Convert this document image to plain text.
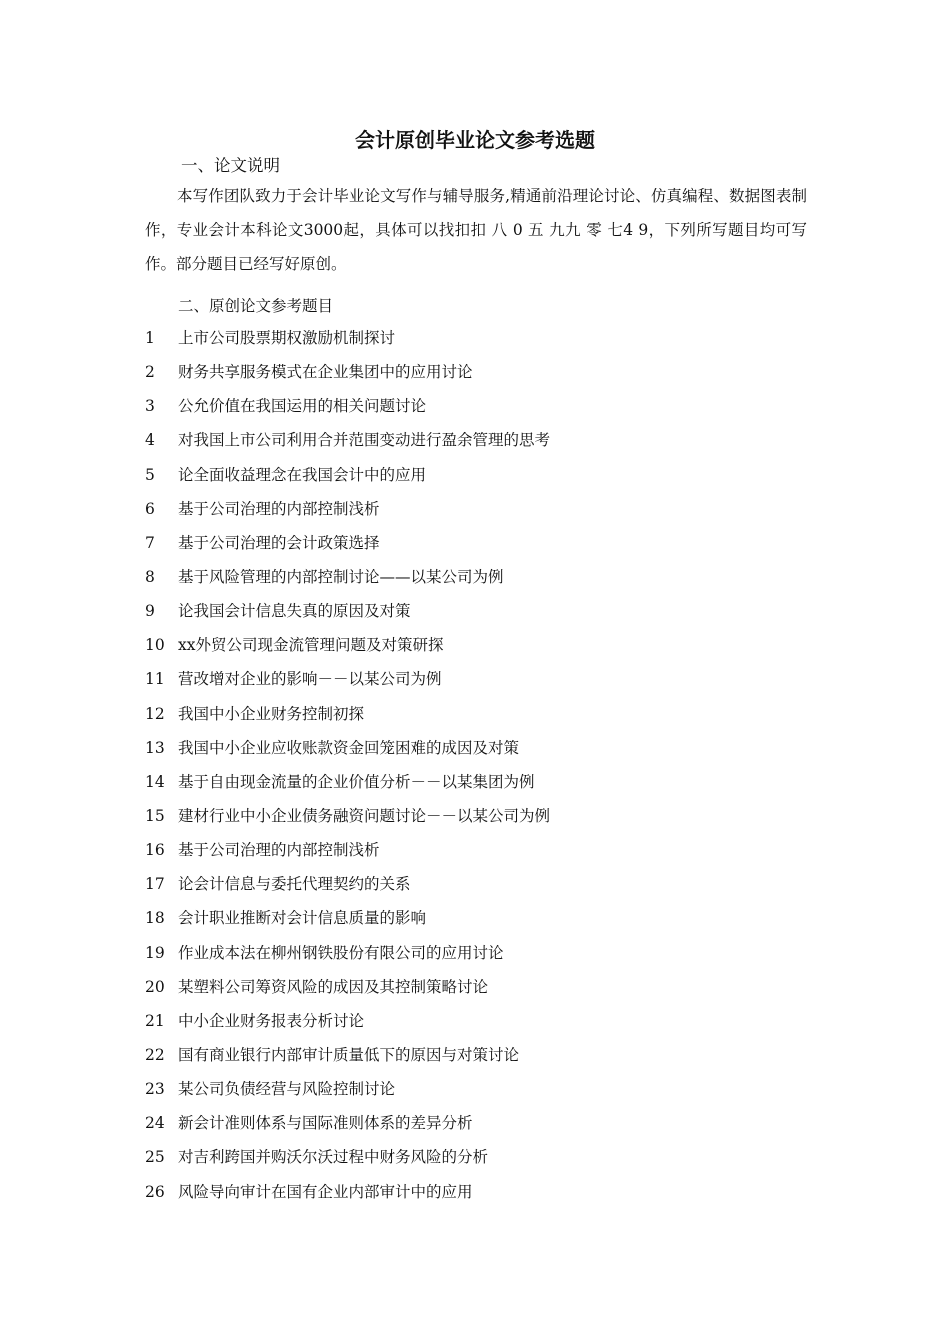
会计原创毕业论文参考选题
一、论文说明
本写作团队致力于会计毕业论文写作与辅导服务,精通前沿理论讨论、仿真编程、数据图表制作，专业会计本科论文3000起，具体可以找扣扣 八 0 五 九九 零 七4 9，下列所写题目均可写作。部分题目已经写好原创。
二、原创论文参考题目
1 上市公司股票期权激励机制探讨
2 财务共享服务模式在企业集团中的应用讨论
3 公允价值在我国运用的相关问题讨论
4 对我国上市公司利用合并范围变动进行盈余管理的思考
5 论全面收益理念在我国会计中的应用
6 基于公司治理的内部控制浅析
7 基于公司治理的会计政策选择
8 基于风险管理的内部控制讨论——以某公司为例
9 论我国会计信息失真的原因及对策
10 xx外贸公司现金流管理问题及对策研探
11 营改增对企业的影响－－以某公司为例
12 我国中小企业财务控制初探
13 我国中小企业应收账款资金回笼困难的成因及对策
14 基于自由现金流量的企业价值分析－－以某集团为例
15 建材行业中小企业债务融资问题讨论－－以某公司为例
16 基于公司治理的内部控制浅析
17 论会计信息与委托代理契约的关系
18 会计职业推断对会计信息质量的影响
19 作业成本法在柳州钢铁股份有限公司的应用讨论
20 某塑料公司筹资风险的成因及其控制策略讨论
21 中小企业财务报表分析讨论
22 国有商业银行内部审计质量低下的原因与对策讨论
23 某公司负债经营与风险控制讨论
24 新会计准则体系与国际准则体系的差异分析
25 对吉利跨国并购沃尔沃过程中财务风险的分析
26 风险导向审计在国有企业内部审计中的应用
